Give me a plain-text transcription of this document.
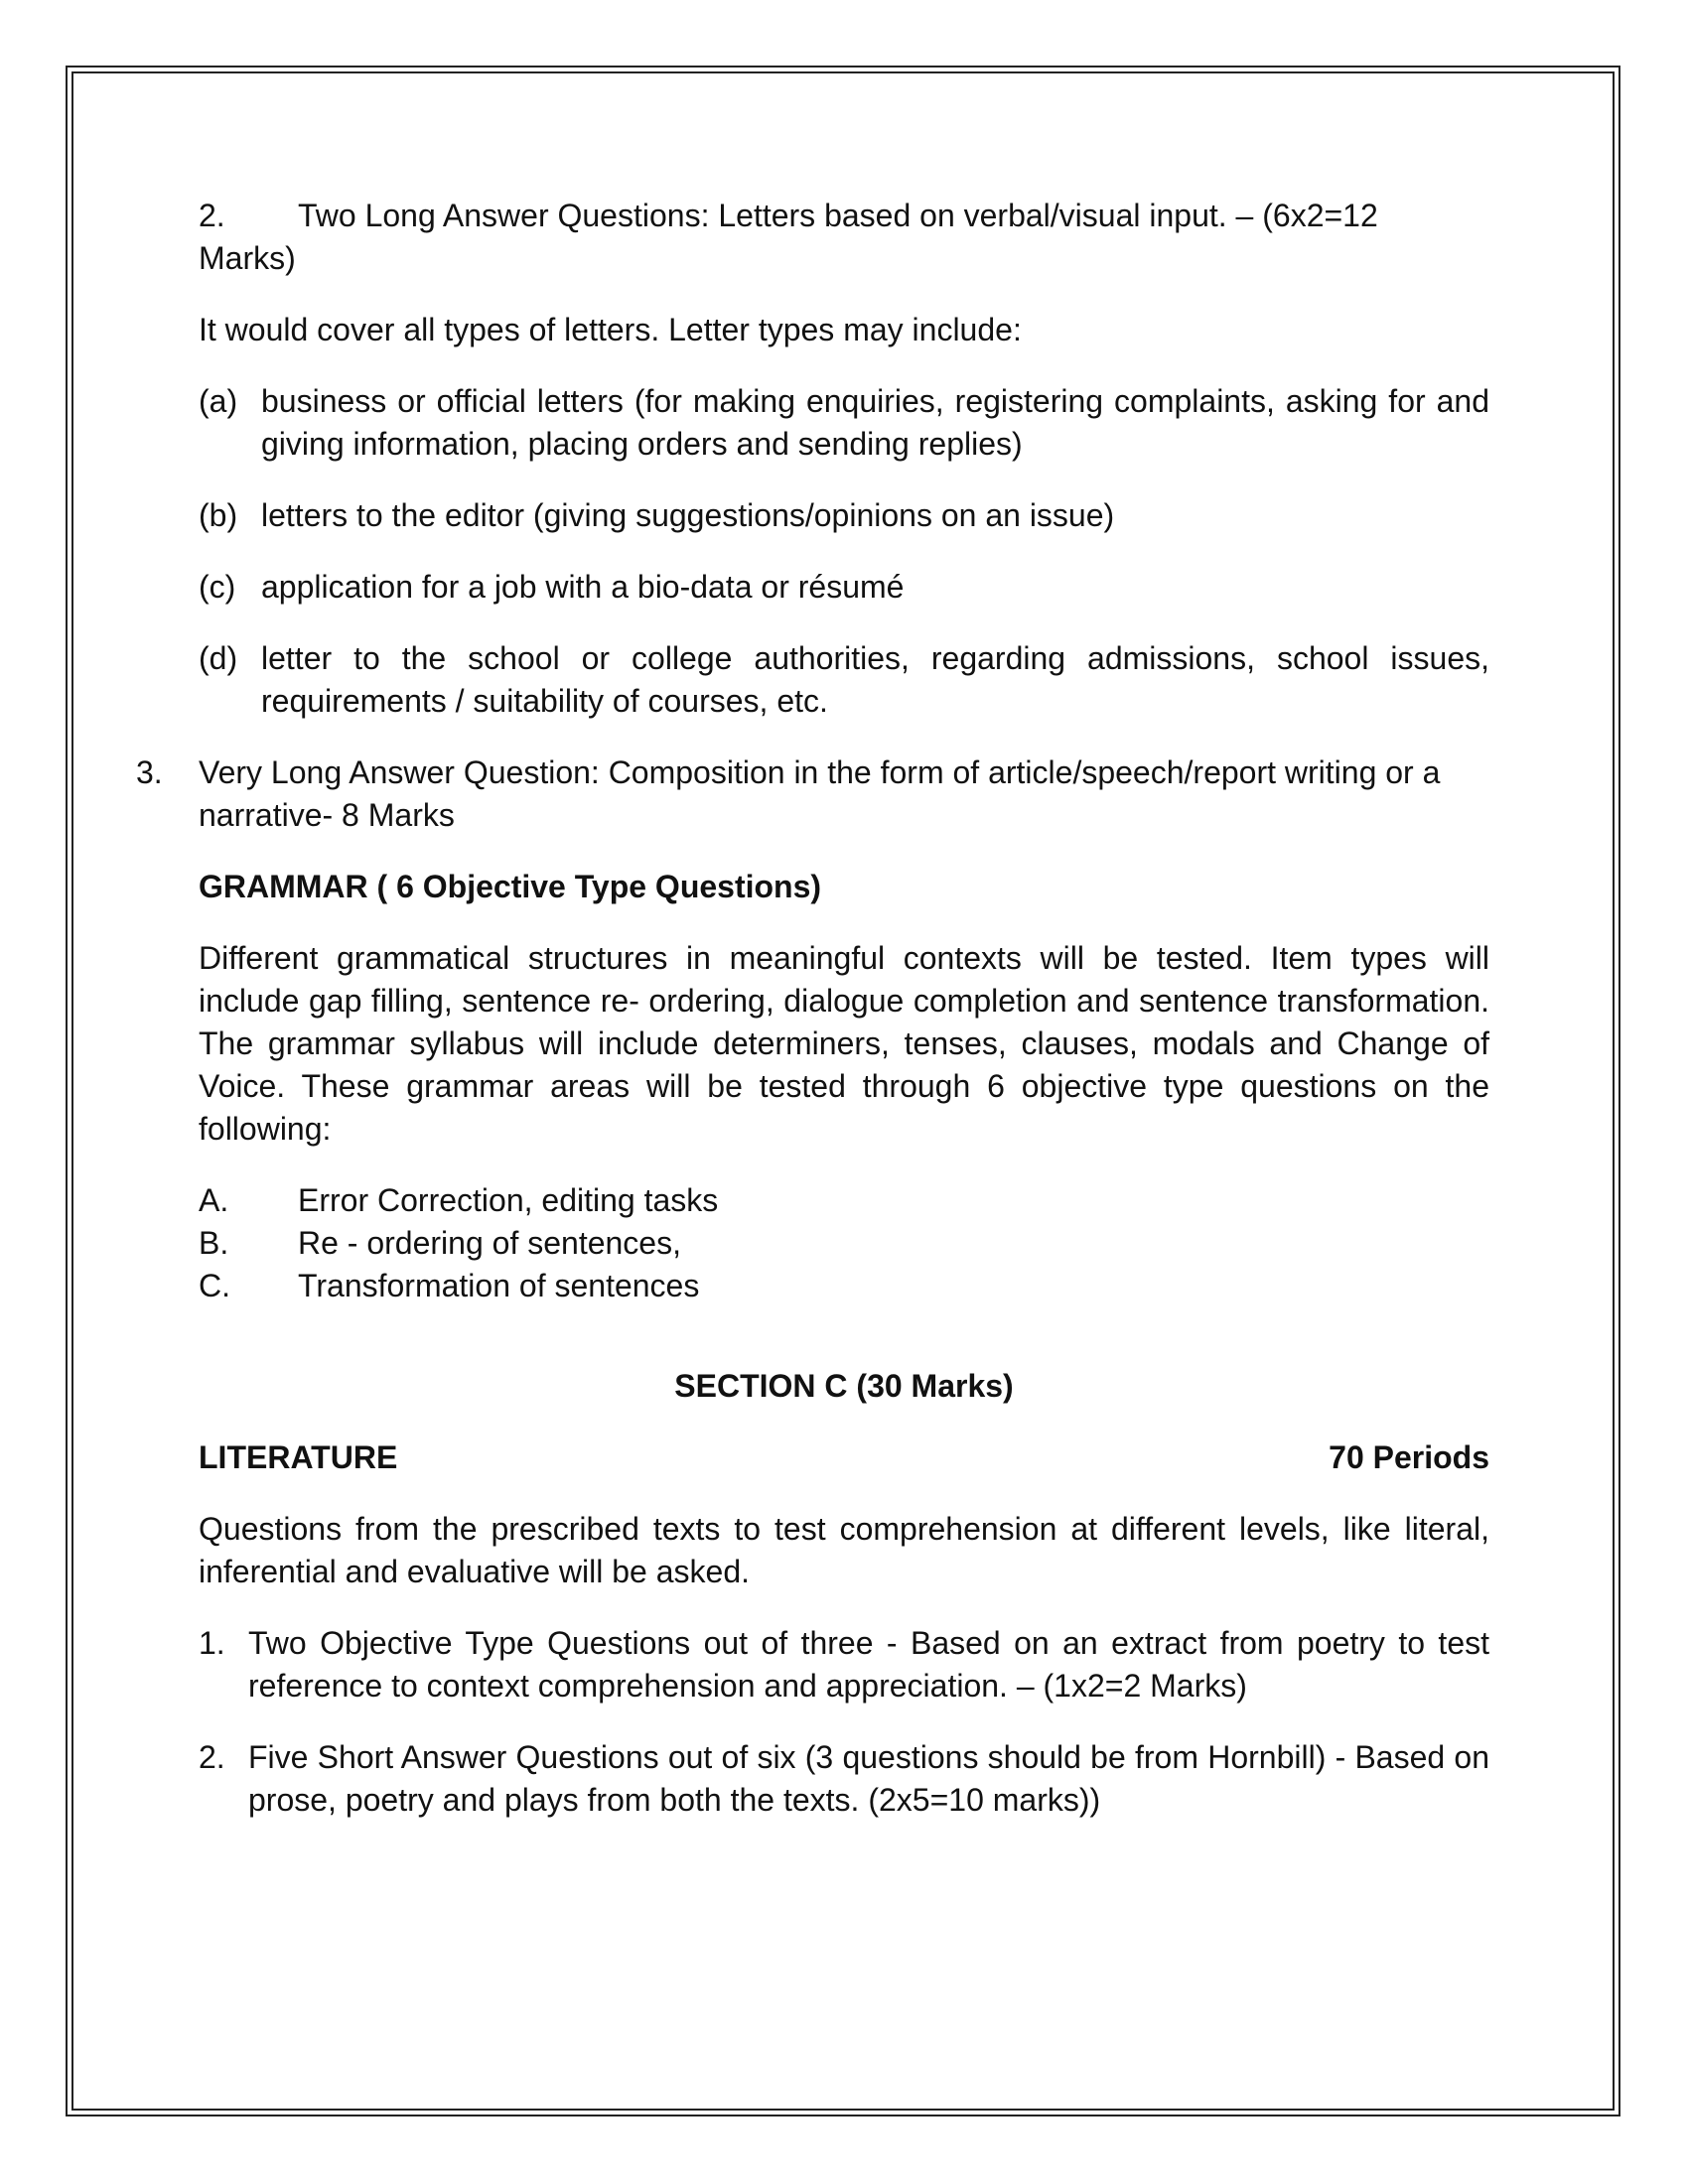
2.	Two Long Answer Questions: Letters based on verbal/visual input. – (6x2=12
Marks)

It would cover all types of letters. Letter types may include:

(a) business or official letters (for making enquiries, registering complaints, asking for and giving information, placing orders and sending replies)
(b) letters to the editor (giving suggestions/opinions on an issue)
(c) application for a job with a bio-data or résumé
(d) letter to the school or college authorities, regarding admissions, school issues, requirements / suitability of courses, etc.
3.	Very Long Answer Question: Composition in the form of article/speech/report writing or a narrative- 8 Marks

GRAMMAR ( 6 Objective Type Questions)

Different grammatical structures in meaningful contexts will be tested. Item types will include gap filling, sentence re- ordering, dialogue completion and sentence transformation. The grammar syllabus will include determiners, tenses, clauses, modals and Change of Voice. These grammar areas will be tested through 6 objective type questions on the following:

A.	Error Correction, editing tasks
B.	Re - ordering of sentences,
C.	Transformation of sentences

SECTION C (30 Marks)

LITERATURE	70 Periods

Questions from the prescribed texts to test comprehension at different levels, like literal, inferential and evaluative will be asked.

1. Two Objective Type Questions out of three - Based on an extract from poetry to test reference to context comprehension and appreciation. – (1x2=2 Marks)
2. Five Short Answer Questions out of six (3 questions should be from Hornbill) - Based on prose, poetry and plays from both the texts. (2x5=10 marks))
